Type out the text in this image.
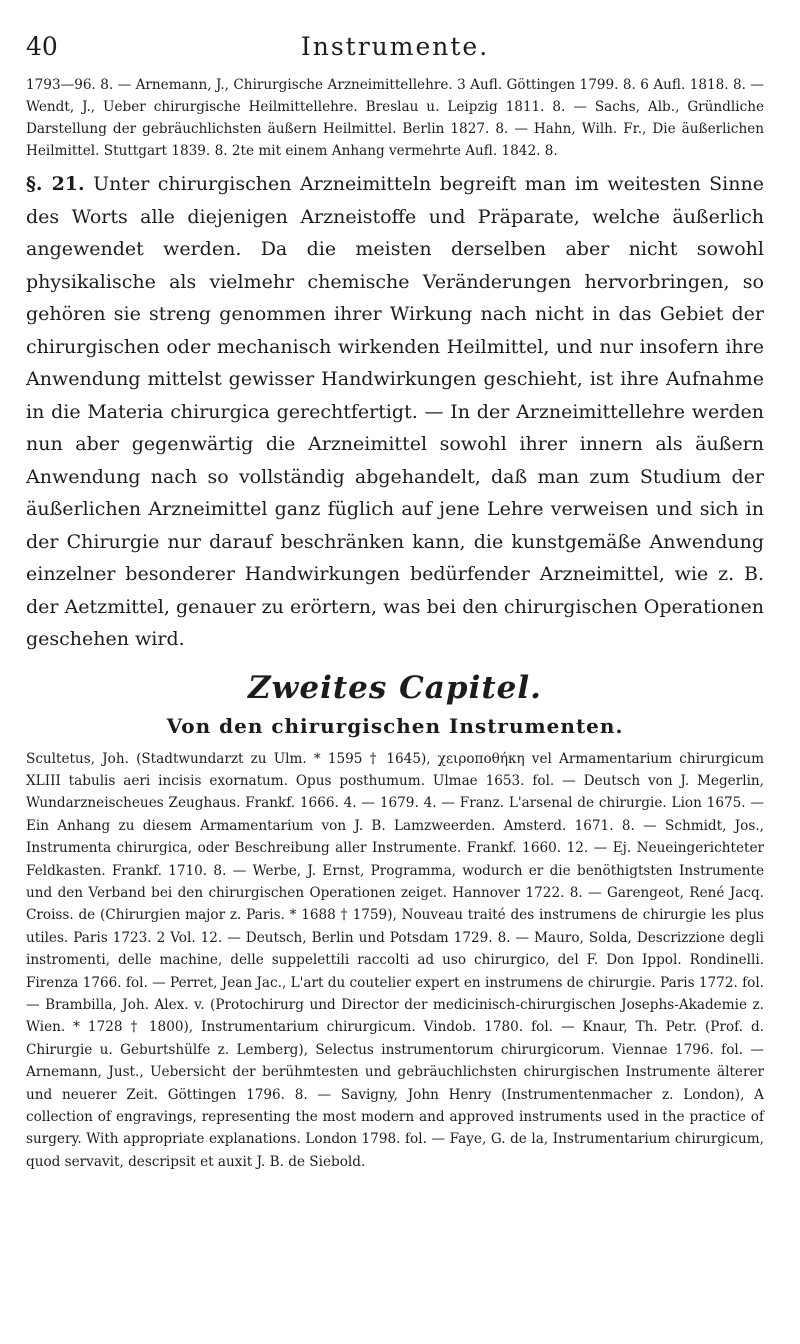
40	Instrumente.

1793—96. 8. — Arnemann, J., Chirurgische Arzneimittellehre. 3 Aufl. Göttingen 1799. 8. 6 Aufl. 1818. 8. — Wendt, J., Ueber chirurgische Heilmittellehre. Breslau u. Leipzig 1811. 8. — Sachs, Alb., Gründliche Darstellung der gebräuchlichsten äußern Heilmittel. Berlin 1827. 8. — Hahn, Wilh. Fr., Die äußerlichen Heilmittel. Stuttgart 1839. 8. 2te mit einem Anhang vermehrte Aufl. 1842. 8.

§. 21. Unter chirurgischen Arzneimitteln begreift man im weitesten Sinne des Worts alle diejenigen Arzneistoffe und Präparate, welche äußerlich angewendet werden. Da die meisten derselben aber nicht sowohl physikalische als vielmehr chemische Veränderungen hervorbringen, so gehören sie streng genommen ihrer Wirkung nach nicht in das Gebiet der chirurgischen oder mechanisch wirkenden Heilmittel, und nur insofern ihre Anwendung mittelst gewisser Handwirkungen geschieht, ist ihre Aufnahme in die Materia chirurgica gerechtfertigt. — In der Arzneimittellehre werden nun aber gegenwärtig die Arzneimittel sowohl ihrer innern als äußern Anwendung nach so vollständig abgehandelt, daß man zum Studium der äußerlichen Arzneimittel ganz füglich auf jene Lehre verweisen und sich in der Chirurgie nur darauf beschränken kann, die kunstgemäße Anwendung einzelner besonderer Handwirkungen bedürfender Arzneimittel, wie z. B. der Aetzmittel, genauer zu erörtern, was bei den chirurgischen Operationen geschehen wird.

Zweites Capitel.
Von den chirurgischen Instrumenten.

Scultetus, Joh. (Stadtwundarzt zu Ulm. * 1595 † 1645), χειρoπoθήκη vel Armamentarium chirurgicum XLIII tabulis aeri incisis exornatum. Opus posthumum. Ulmae 1653. fol. — Deutsch von J. Megerlin, Wundarzneischeues Zeughaus. Frankf. 1666. 4. — 1679. 4. — Franz. L'arsenal de chirurgie. Lion 1675. — Ein Anhang zu diesem Armamentarium von J. B. Lamzweerden. Amsterd. 1671. 8. — Schmidt, Jos., Instrumenta chirurgica, oder Beschreibung aller Instrumente. Frankf. 1660. 12. — Ej. Neueingerichteter Feldkasten. Frankf. 1710. 8. — Werbe, J. Ernst, Programma, wodurch er die benöthigtsten Instrumente und den Verband bei den chirurgischen Operationen zeiget. Hannover 1722. 8. — Garengeot, René Jacq. Croiss. de (Chirurgien major z. Paris. * 1688 † 1759), Nouveau traité des instrumens de chirurgie les plus utiles. Paris 1723. 2 Vol. 12. — Deutsch, Berlin und Potsdam 1729. 8. — Mauro, Solda, Descrizzione degli instromenti, delle machine, delle suppelettili raccolti ad uso chirurgico, del F. Don Ippol. Rondinelli. Firenza 1766. fol. — Perret, Jean Jac., L'art du coutelier expert en instrumens de chirurgie. Paris 1772. fol. — Brambilla, Joh. Alex. v. (Protochirurg und Director der medicinisch-chirurgischen Josephs-Akademie z. Wien. * 1728 † 1800), Instrumentarium chirurgicum. Vindob. 1780. fol. — Knaur, Th. Petr. (Prof. d. Chirurgie u. Geburtshülfe z. Lemberg), Selectus instrumentorum chirurgicorum. Viennae 1796. fol. — Arnemann, Just., Uebersicht der berühmtesten und gebräuchlichsten chirurgischen Instrumente älterer und neuerer Zeit. Göttingen 1796. 8. — Savigny, John Henry (Instrumentenmacher z. London), A collection of engravings, representing the most modern and approved instruments used in the practice of surgery. With appropriate explanations. London 1798. fol. — Faye, G. de la, Instrumentarium chirurgicum, quod servavit, descripsit et auxit J. B. de Siebold.
